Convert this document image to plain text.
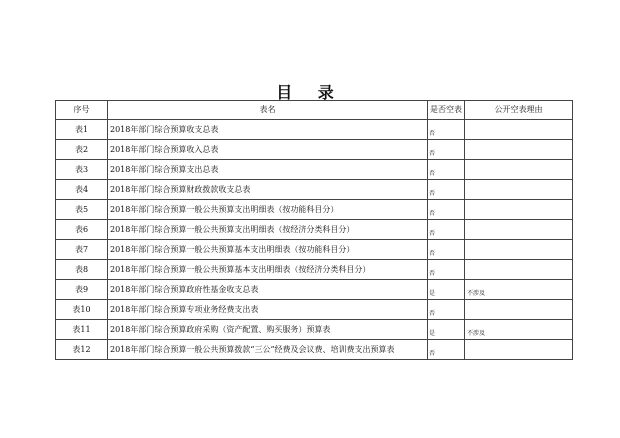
目 录
序号	表名	是否空表	公开空表理由
表1	2018年部门综合预算收支总表	否	
表2	2018年部门综合预算收入总表	否	
表3	2018年部门综合预算支出总表	否	
表4	2018年部门综合预算财政拨款收支总表	否	
表5	2018年部门综合预算一般公共预算支出明细表（按功能科目分）	否	
表6	2018年部门综合预算一般公共预算支出明细表（按经济分类科目分）	否	
表7	2018年部门综合预算一般公共预算基本支出明细表（按功能科目分）	否	
表8	2018年部门综合预算一般公共预算基本支出明细表（按经济分类科目分）	否	
表9	2018年部门综合预算政府性基金收支总表	是	不涉及
表10	2018年部门综合预算专项业务经费支出表	否	
表11	2018年部门综合预算政府采购（资产配置、购买服务）预算表	是	不涉及
表12	2018年部门综合预算一般公共预算拨款“三公”经费及会议费、培训费支出预算表	否	
